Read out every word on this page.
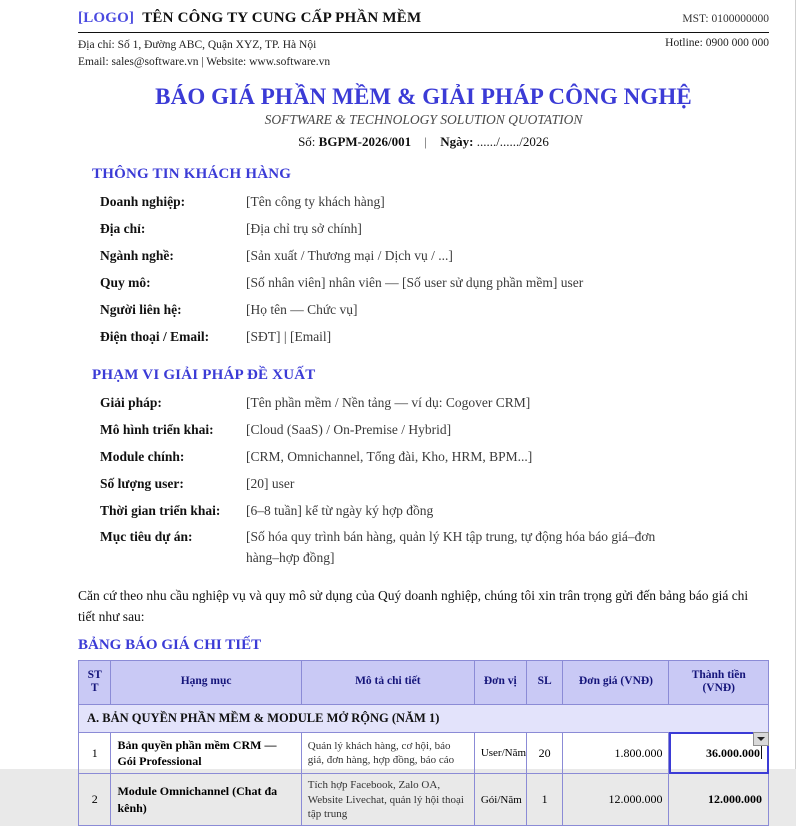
[LOGO] TÊN CÔNG TY CUNG CẤP PHẦN MỀM	MST: 0100000000
Địa chỉ: Số 1, Đường ABC, Quận XYZ, TP. Hà Nội
Email: sales@software.vn | Website: www.software.vn
Hotline: 0900 000 000
BÁO GIÁ PHẦN MỀM & GIẢI PHÁP CÔNG NGHỆ
SOFTWARE & TECHNOLOGY SOLUTION QUOTATION
Số: BGPM-2026/001 | Ngày: ....../....../2026
THÔNG TIN KHÁCH HÀNG
Doanh nghiệp:	[Tên công ty khách hàng]
Địa chỉ:	[Địa chỉ trụ sở chính]
Ngành nghề:	[Sản xuất / Thương mại / Dịch vụ / ...]
Quy mô:	[Số nhân viên] nhân viên — [Số user sử dụng phần mềm] user
Người liên hệ:	[Họ tên — Chức vụ]
Điện thoại / Email:	[SĐT] | [Email]
PHẠM VI GIẢI PHÁP ĐỀ XUẤT
Giải pháp:	[Tên phần mềm / Nền tảng — ví dụ: Cogover CRM]
Mô hình triển khai:	[Cloud (SaaS) / On-Premise / Hybrid]
Module chính:	[CRM, Omnichannel, Tổng đài, Kho, HRM, BPM...]
Số lượng user:	[20] user
Thời gian triển khai:	[6–8 tuần] kể từ ngày ký hợp đồng
Mục tiêu dự án:	[Số hóa quy trình bán hàng, quản lý KH tập trung, tự động hóa báo giá–đơn hàng–hợp đồng]
Căn cứ theo nhu cầu nghiệp vụ và quy mô sử dụng của Quý doanh nghiệp, chúng tôi xin trân trọng gửi đến bảng báo giá chi tiết như sau:
BẢNG BÁO GIÁ CHI TIẾT
ST T	Hạng mục	Mô tả chi tiết	Đơn vị	SL	Đơn giá (VNĐ)	Thành tiền (VNĐ)
A. BẢN QUYỀN PHẦN MỀM & MODULE MỞ RỘNG (NĂM 1)						
1	Bản quyền phần mềm CRM — Gói Professional	Quản lý khách hàng, cơ hội, báo giá, đơn hàng, hợp đồng, báo cáo	User/Năm	20	1.800.000	36.000.000

2	Module Omnichannel (Chat đa kênh)	Tích hợp Facebook, Zalo OA, Website Livechat, quản lý hội thoại tập trung	Gói/Năm	1	12.000.000	12.000.000
